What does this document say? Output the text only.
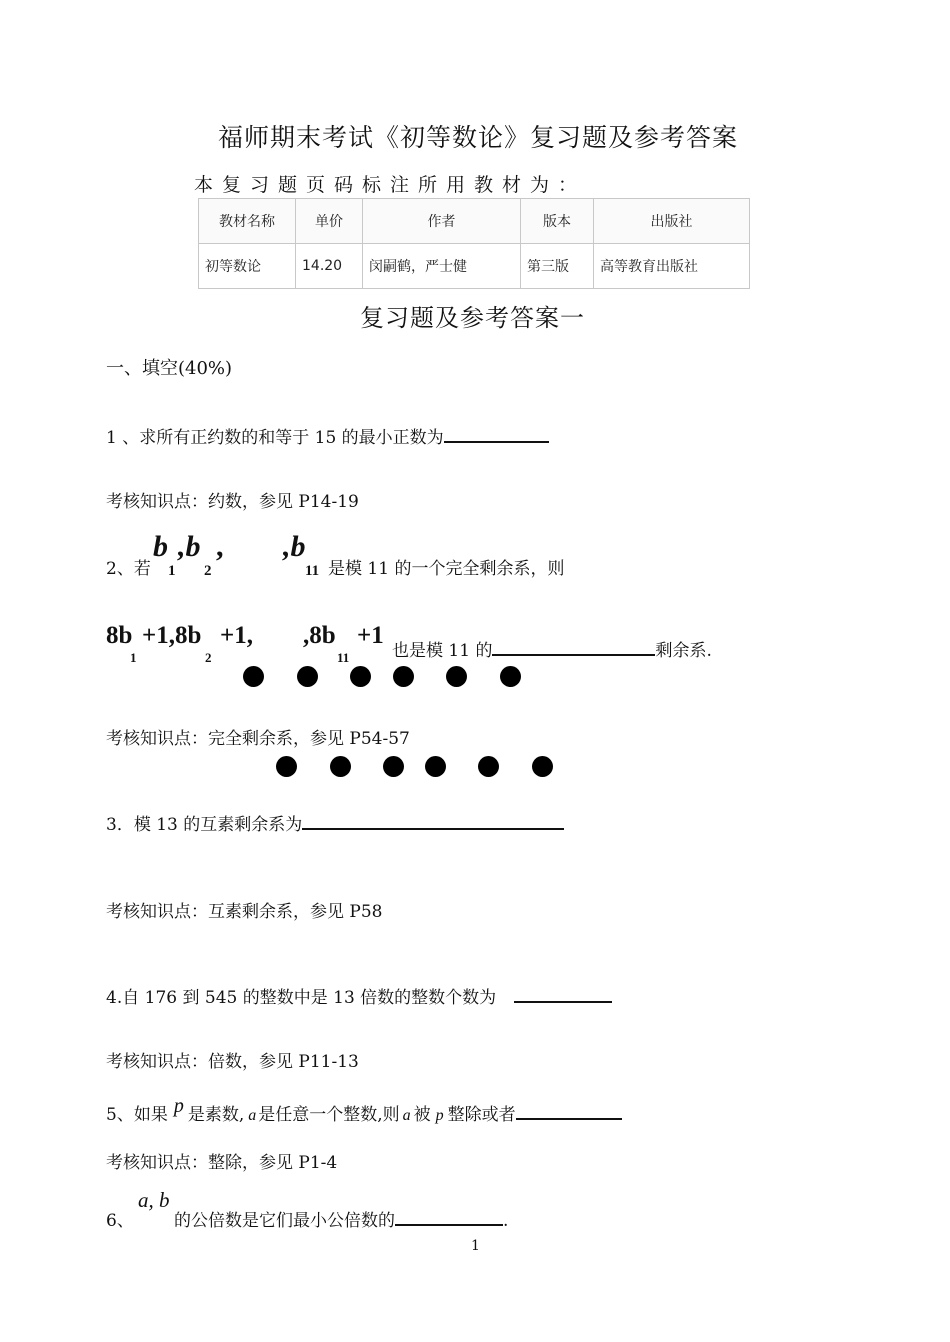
福师期末考试《初等数论》复习题及参考答案
本复习题页码标注所用教材为：
教材名称	单价	作者	版本	出版社
初等数论	14.20	闵嗣鹤，严士健	第三版	高等教育出版社
复习题及参考答案一
一、填空(40%)
1 、求所有正约数的和等于 15 的最小正数为
考核知识点：约数，参见 P14-19
2、若
b
1
,b
2
, ,b
11 是模 11 的一个完全剩余系，则
8b
1
+1,8b
2
+1, ,8b
11
+1
也是模 11 的	剩余系.
考核知识点：完全剩余系，参见 P54-57
3．模 13 的互素剩余系为
考核知识点：互素剩余系，参见 P58
4.自 176 到 545 的整数中是 13 倍数的整数个数为
考核知识点：倍数，参见 P11-13
5、如果 p 是素数, a 是任意一个整数,则 a 被 p 整除或者
考核知识点：整除，参见 P1-4
6、
a, b
的公倍数是它们最小公倍数的	.
1
